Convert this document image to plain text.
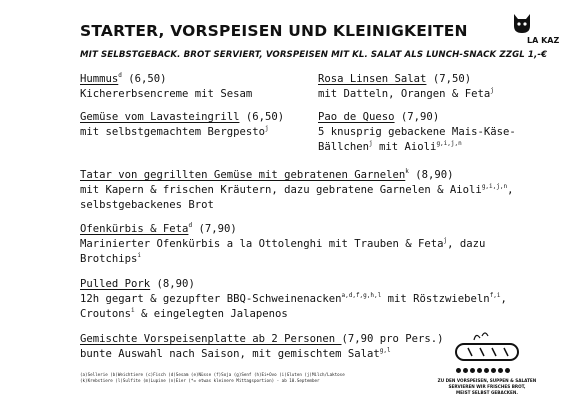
STARTER, VORSPEISEN UND KLEINIGKEITEN
MIT SELBSTGEBACK. BROT SERVIERT, VORSPEISEN MIT KL. SALAT ALS LUNCH-SNACK ZZGL 1,-€
LA KAZ
Hummus$^d$ (6,50)
Kichererbsencreme mit Sesam
Rosa Linsen Salat (7,50)
mit Datteln, Orangen & Feta$^j$
Gemüse vom Lavasteingrill (6,50)
mit selbstgemachtem Bergpesto$^j$
Pao de Queso (7,90)
5 knusprig gebackene Mais-Käse-
Bällchen$^j$ mit Aioli$^{g,i,j,n}$
Tatar von gegrillten Gemüse mit gebratenen Garnelen$^k$ (8,90)
mit Kapern & frischen Kräutern, dazu gebratene Garnelen & Aioli$^{g,i,j,n}$,
selbstgebackenes Brot
Ofenkürbis & Feta$^d$ (7,90)
Marinierter Ofenkürbis a la Ottolenghi mit Trauben & Feta$^j$, dazu
Brotchips$^i$
Pulled Pork (8,90)
12h gegart & gezupfter BBQ-Schweinenacken$^{a,d,f,g,h,l}$ mit Röstzwiebeln$^{f,i}$,
Croutons$^i$ & eingelegten Jalapenos
Gemischte Vorspeisenplatte ab 2 Personen (7,90 pro Pers.)
bunte Auswahl nach Saison, mit gemischtem Salat$^{g,l}$
(a)Sellerie (b)Weichtiere (c)Fisch (d)Sesam (e)Nüsse (f)Soja (g)Senf (h)Ei+Ovo (i)Gluten (j)Milch/Laktose
(k)Krebstiere (l)Sulfite (m)Lupine (n)Eier (*= etwas kleinere Mittagsportion) - ab 10.September	ZU DEN VORSPEISEN, SUPPEN & SALATEN SERVIEREN WIR FRISCHES BROT,
MEIST SELBST GEBACKEN.
